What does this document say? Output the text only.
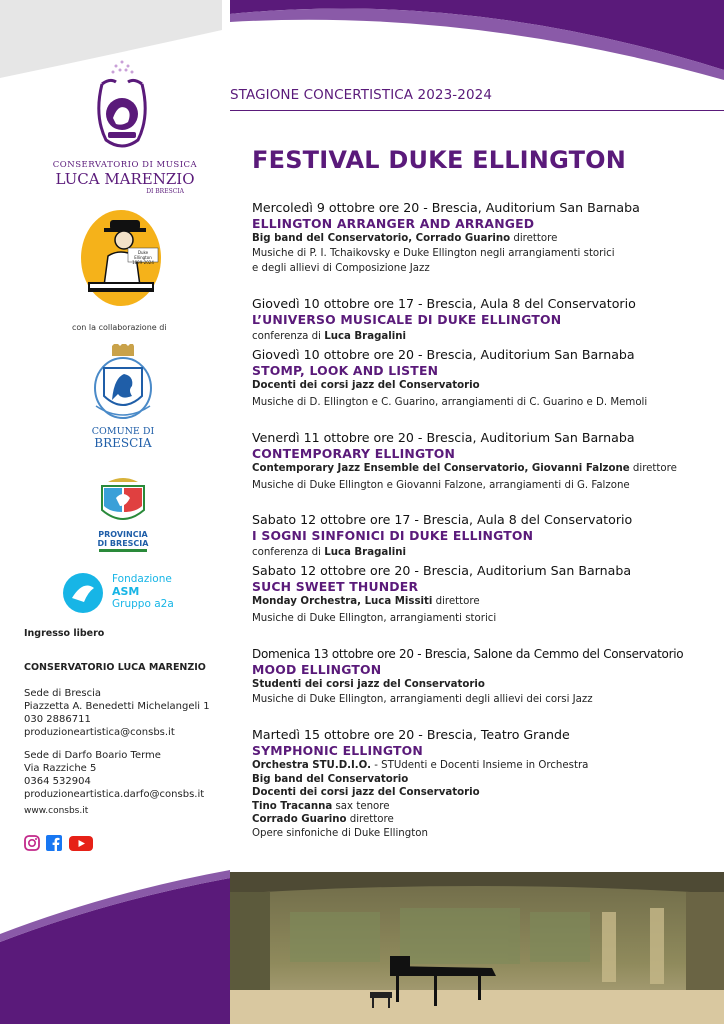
CONSERVATORIO DI MUSICA
LUCA MARENZIO
DI BRESCIA
Duke Ellington 1899-2024
con la collaborazione di
COMUNE DI
BRESCIA
PROVINCIA
DI BRESCIA
Fondazione
ASM
Gruppo a2a
Ingresso libero
CONSERVATORIO LUCA MARENZIO
Sede di Brescia
Piazzetta A. Benedetti Michelangeli 1
030 2886711
produzioneartistica@consbs.it
Sede di Darfo Boario Terme
Via Razziche 5
0364 532904
produzioneartistica.darfo@consbs.it
www.consbs.it
STAGIONE CONCERTISTICA 2023-2024
FESTIVAL DUKE ELLINGTON
Mercoledì 9 ottobre ore 20 - Brescia, Auditorium San Barnaba
ELLINGTON ARRANGER AND ARRANGED
Big band del Conservatorio, Corrado Guarino direttore
Musiche di P. I. Tchaikovsky e Duke Ellington negli arrangiamenti storici
e degli allievi di Composizione Jazz
Giovedì 10 ottobre ore 17 - Brescia, Aula 8 del Conservatorio
L’UNIVERSO MUSICALE DI DUKE ELLINGTON
conferenza di Luca Bragalini
Giovedì 10 ottobre ore 20 - Brescia, Auditorium San Barnaba
STOMP, LOOK AND LISTEN
Docenti dei corsi jazz del Conservatorio
Musiche di D. Ellington e C. Guarino, arrangiamenti di C. Guarino e D. Memoli
Venerdì 11 ottobre ore 20 - Brescia, Auditorium San Barnaba
CONTEMPORARY ELLINGTON
Contemporary Jazz Ensemble del Conservatorio, Giovanni Falzone direttore
Musiche di Duke Ellington e Giovanni Falzone, arrangiamenti di G. Falzone
Sabato 12 ottobre ore 17 - Brescia, Aula 8 del Conservatorio
I SOGNI SINFONICI DI DUKE ELLINGTON
conferenza di Luca Bragalini
Sabato 12 ottobre ore 20 - Brescia, Auditorium San Barnaba
SUCH SWEET THUNDER
Monday Orchestra, Luca Missiti direttore
Musiche di Duke Ellington, arrangiamenti storici
Domenica 13 ottobre ore 20 - Brescia, Salone da Cemmo del Conservatorio
MOOD ELLINGTON
Studenti dei corsi jazz del Conservatorio
Musiche di Duke Ellington, arrangiamenti degli allievi dei corsi Jazz
Martedì 15 ottobre ore 20 - Brescia, Teatro Grande
SYMPHONIC ELLINGTON
Orchestra STU.D.I.O. - STUdenti e Docenti Insieme in Orchestra
Big band del Conservatorio
Docenti dei corsi jazz del Conservatorio
Tino Tracanna sax tenore
Corrado Guarino direttore
Opere sinfoniche di Duke Ellington
